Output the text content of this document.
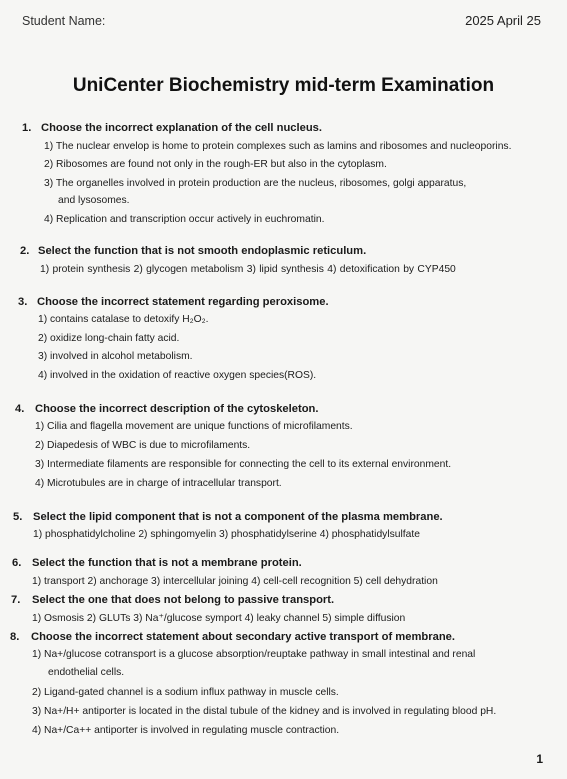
Student Name:	2025 April 25
UniCenter Biochemistry mid-term Examination
1. Choose the incorrect explanation of the cell nucleus.
1) The nuclear envelop is home to protein complexes such as lamins and ribosomes and nucleoporins.
2) Ribosomes are found not only in the rough-ER but also in the cytoplasm.
3) The organelles involved in protein production are the nucleus, ribosomes, golgi apparatus,
and lysosomes.
4) Replication and transcription occur actively in euchromatin.
2. Select the function that is not smooth endoplasmic reticulum.
1) protein synthesis 2) glycogen metabolism 3) lipid synthesis 4) detoxification by CYP450
3. Choose the incorrect statement regarding peroxisome.
1) contains catalase to detoxify H₂O₂.
2) oxidize long-chain fatty acid.
3) involved in alcohol metabolism.
4) involved in the oxidation of reactive oxygen species(ROS).
4. Choose the incorrect description of the cytoskeleton.
1) Cilia and flagella movement are unique functions of microfilaments.
2) Diapedesis of WBC is due to microfilaments.
3) Intermediate filaments are responsible for connecting the cell to its external environment.
4) Microtubules are in charge of intracellular transport.
5. Select the lipid component that is not a component of the plasma membrane.
1) phosphatidylcholine 2) sphingomyelin 3) phosphatidylserine 4) phosphatidylsulfate
6. Select the function that is not a membrane protein.
1) transport 2) anchorage 3) intercellular joining 4) cell-cell recognition 5) cell dehydration
7. Select the one that does not belong to passive transport.
1) Osmosis 2) GLUTs 3) Na⁺/glucose symport 4) leaky channel 5) simple diffusion
8. Choose the incorrect statement about secondary active transport of membrane.
1) Na+/glucose cotransport is a glucose absorption/reuptake pathway in small intestinal and renal
endothelial cells.
2) Ligand-gated channel is a sodium influx pathway in muscle cells.
3) Na+/H+ antiporter is located in the distal tubule of the kidney and is involved in regulating blood pH.
4) Na+/Ca++ antiporter is involved in regulating muscle contraction.
1
